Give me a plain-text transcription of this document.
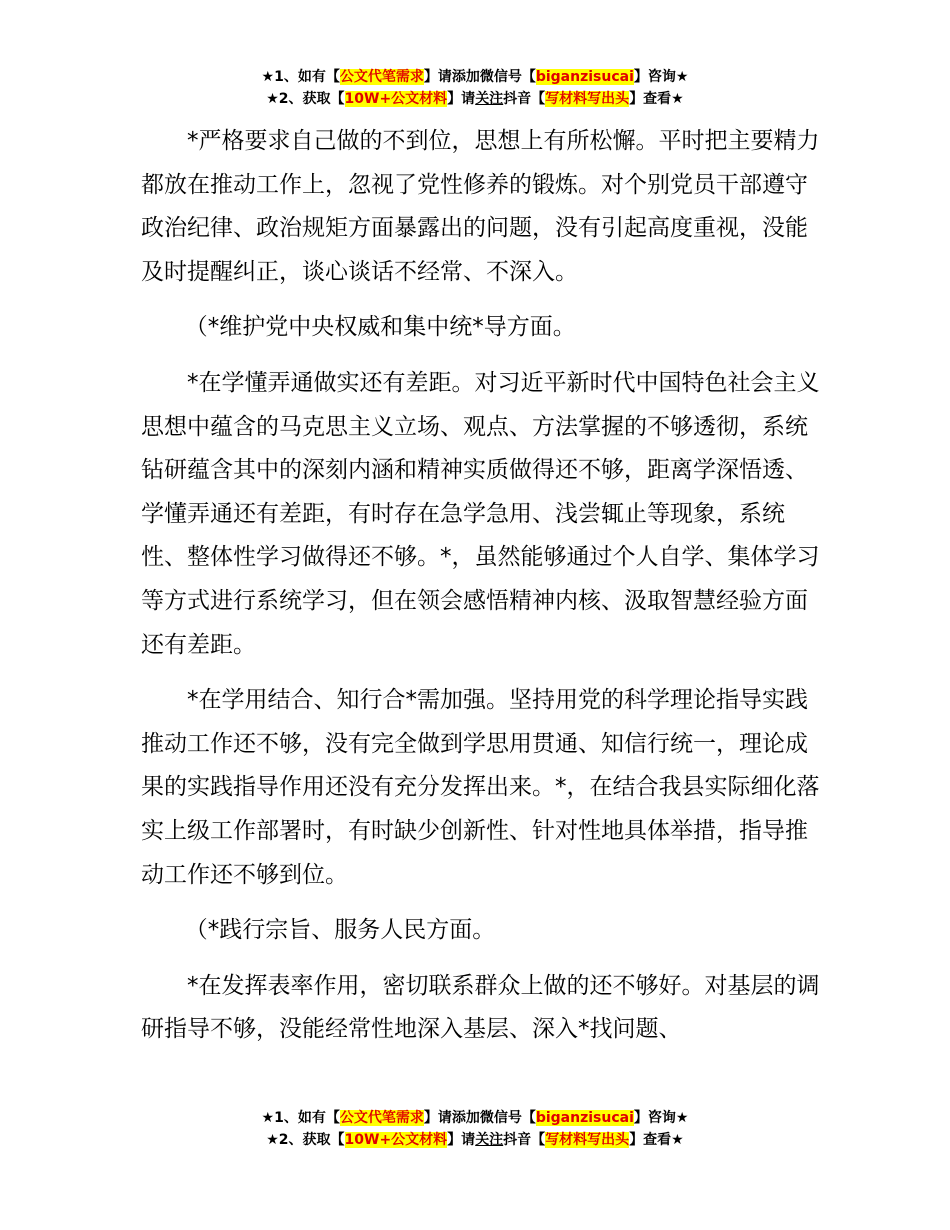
★1、如有【公文代笔需求】请添加微信号【biganzisucai】咨询★
★2、获取【10W+公文材料】请关注抖音【写材料写出头】查看★

*严格要求自己做的不到位，思想上有所松懈。平时把主要精力都放在推动工作上，忽视了党性修养的锻炼。对个别党员干部遵守政治纪律、政治规矩方面暴露出的问题，没有引起高度重视，没能及时提醒纠正，谈心谈话不经常、不深入。

（*维护党中央权威和集中统*导方面。

*在学懂弄通做实还有差距。对习近平新时代中国特色社会主义思想中蕴含的马克思主义立场、观点、方法掌握的不够透彻，系统钻研蕴含其中的深刻内涵和精神实质做得还不够，距离学深悟透、学懂弄通还有差距，有时存在急学急用、浅尝辄止等现象，系统性、整体性学习做得还不够。*，虽然能够通过个人自学、集体学习等方式进行系统学习，但在领会感悟精神内核、汲取智慧经验方面还有差距。

*在学用结合、知行合*需加强。坚持用党的科学理论指导实践推动工作还不够，没有完全做到学思用贯通、知信行统一，理论成果的实践指导作用还没有充分发挥出来。*，在结合我县实际细化落实上级工作部署时，有时缺少创新性、针对性地具体举措，指导推动工作还不够到位。

（*践行宗旨、服务人民方面。

*在发挥表率作用，密切联系群众上做的还不够好。对基层的调研指导不够，没能经常性地深入基层、深入*找问题、

★1、如有【公文代笔需求】请添加微信号【biganzisucai】咨询★
★2、获取【10W+公文材料】请关注抖音【写材料写出头】查看★
